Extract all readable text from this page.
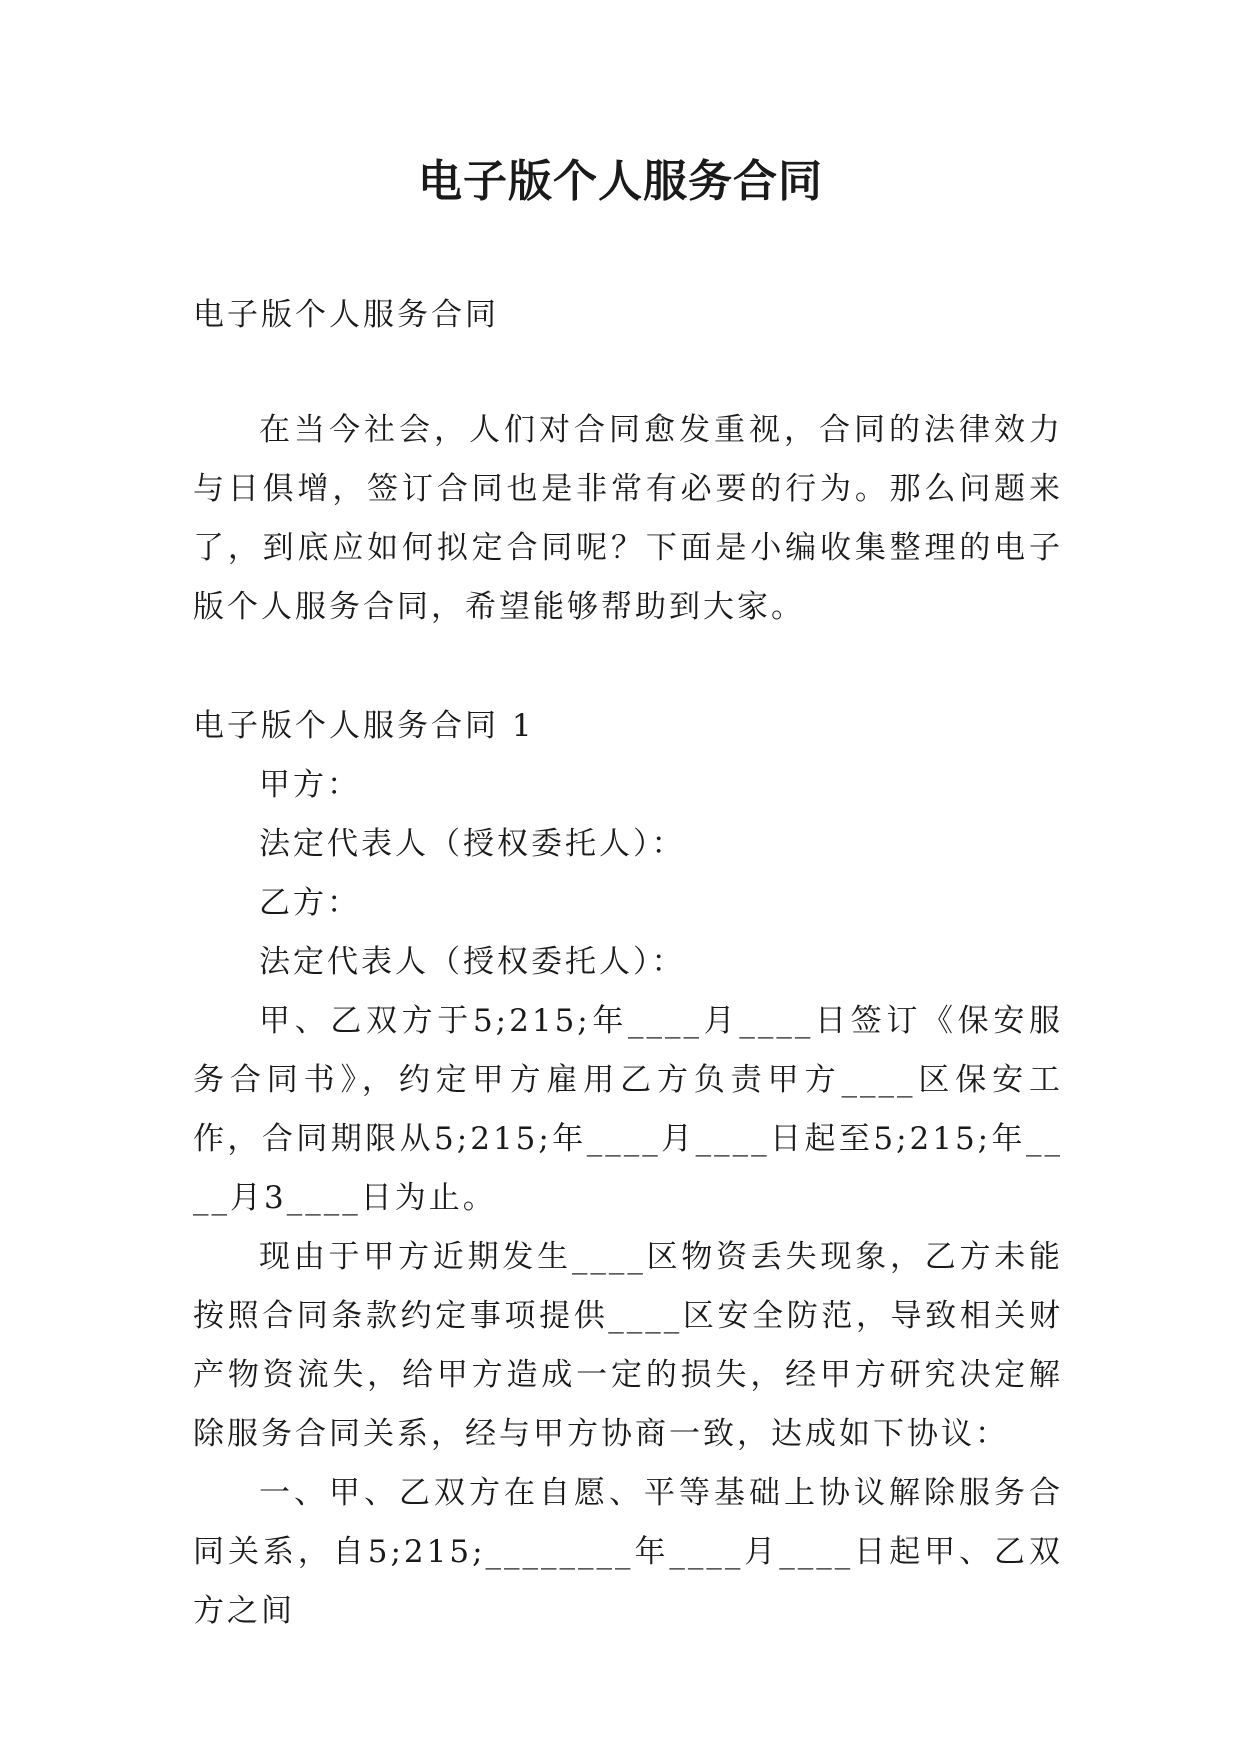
电子版个人服务合同

电子版个人服务合同

在当今社会，人们对合同愈发重视，合同的法律效力与日俱增，签订合同也是非常有必要的行为。那么问题来了，到底应如何拟定合同呢？下面是小编收集整理的电子版个人服务合同，希望能够帮助到大家。

电子版个人服务合同 1

甲方：

法定代表人（授权委托人）：

乙方：

法定代表人（授权委托人）：

甲、乙双方于5;215;年____月____日签订《保安服务合同书》，约定甲方雇用乙方负责甲方____区保安工作，合同期限从5;215;年____月____日起至5;215;年____月3____日为止。

现由于甲方近期发生____区物资丢失现象，乙方未能按照合同条款约定事项提供____区安全防范，导致相关财产物资流失，给甲方造成一定的损失，经甲方研究决定解除服务合同关系，经与甲方协商一致，达成如下协议：

一、甲、乙双方在自愿、平等基础上协议解除服务合同关系，自5;215;________年____月____日起甲、乙双方之间
